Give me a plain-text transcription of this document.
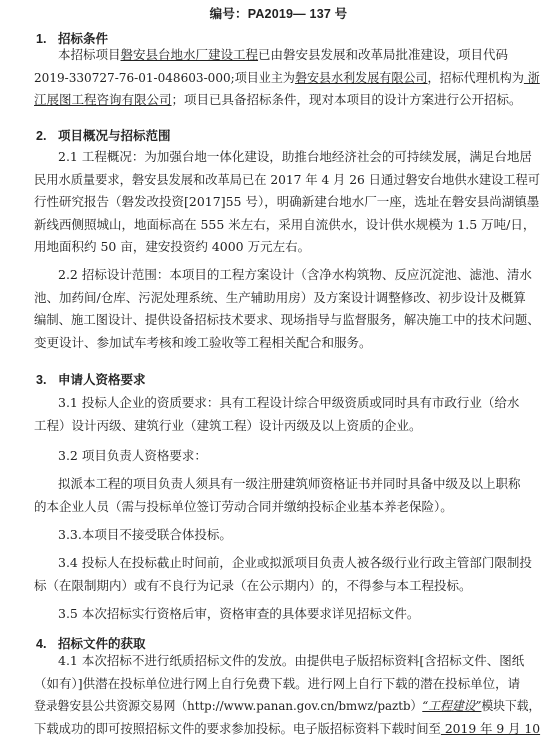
编号：PA2019— 137 号
1. 招标条件
本招标项目磐安县台地水厂建设工程已由磐安县发展和改革局批准建设，项目代码
2019-330727-76-01-048603-000;项目业主为磐安县水利发展有限公司，招标代理机构为 浙
江展图工程咨询有限公司；项目已具备招标条件，现对本项目的设计方案进行公开招标。
2. 项目概况与招标范围
2.1 工程概况：为加强台地一体化建设，助推台地经济社会的可持续发展，满足台地居
民用水质量要求，磐安县发展和改革局已在 2017 年 4 月 26 日通过磐安台地供水建设工程可
行性研究报告（磐发改投资[2017]55 号），明确新建台地水厂一座，选址在磐安县尚湖镇墨
新线西侧照城山，地面标高在 555 米左右，采用自流供水，设计供水规模为 1.5 万吨/日，
用地面积约 50 亩，建安投资约 4000 万元左右。
2.2 招标设计范围：本项目的工程方案设计（含净水构筑物、反应沉淀池、滤池、清水
池、加药间/仓库、污泥处理系统、生产辅助用房）及方案设计调整修改、初步设计及概算
编制、施工图设计、提供设备招标技术要求、现场指导与监督服务，解决施工中的技术问题、
变更设计、参加试车考核和竣工验收等工程相关配合和服务。
3. 申请人资格要求
3.1 投标人企业的资质要求：具有工程设计综合甲级资质或同时具有市政行业（给水
工程）设计丙级、建筑行业（建筑工程）设计丙级及以上资质的企业。
3.2 项目负责人资格要求：
拟派本工程的项目负责人须具有一级注册建筑师资格证书并同时具备中级及以上职称
的本企业人员（需与投标单位签订劳动合同并缴纳投标企业基本养老保险）。
3.3.本项目不接受联合体投标。
3.4 投标人在投标截止时间前，企业或拟派项目负责人被各级行业行政主管部门限制投
标（在限制期内）或有不良行为记录（在公示期内）的，不得参与本工程投标。
3.5 本次招标实行资格后审，资格审查的具体要求详见招标文件。
4. 招标文件的获取
4.1 本次招标不进行纸质招标文件的发放。由提供电子版招标资料[含招标文件、图纸
（如有）]供潜在投标单位进行网上自行免费下载。进行网上自行下载的潜在投标单位，请
登录磐安县公共资源交易网（http://www.panan.gov.cn/bmwz/paztb）“工程建设”模块下载，
下载成功的即可按照招标文件的要求参加投标。电子版招标资料下载时间至 2019 年 9 月 10
